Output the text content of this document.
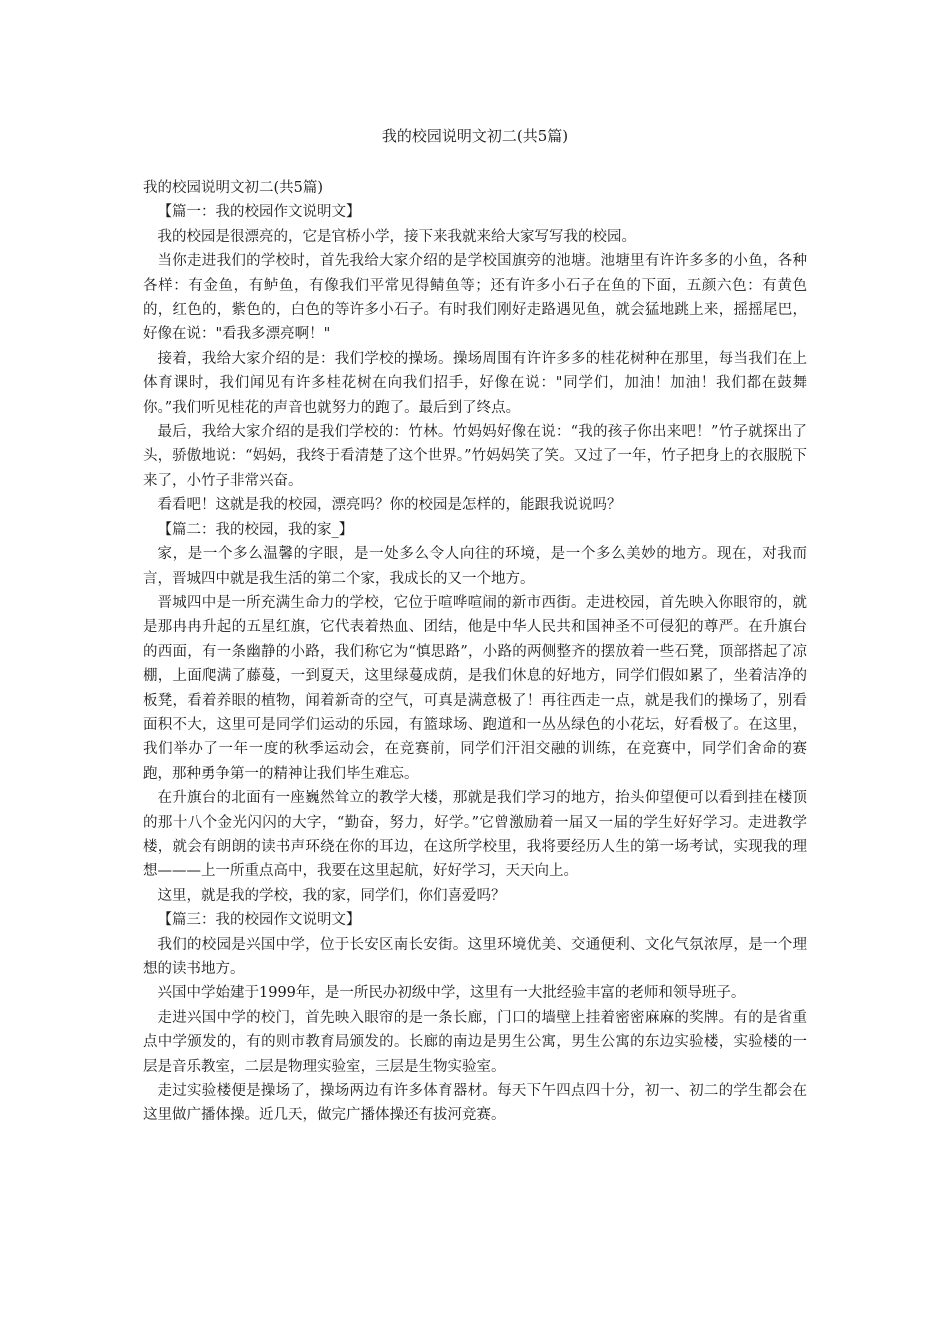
我的校园说明文初二(共5篇)

我的校园说明文初二(共5篇)

【篇一：我的校园作文说明文】

我的校园是很漂亮的，它是官桥小学，接下来我就来给大家写写我的校园。

当你走进我们的学校时，首先我给大家介绍的是学校国旗旁的池塘。池塘里有许许多多的小鱼，各种各样：有金鱼，有鲈鱼，有像我们平常见得鲭鱼等；还有许多小石子在鱼的下面，五颜六色：有黄色的，红色的，紫色的，白色的等许多小石子。有时我们刚好走路遇见鱼，就会猛地跳上来，摇摇尾巴，好像在说："看我多漂亮啊！"

接着，我给大家介绍的是：我们学校的操场。操场周围有许许多多的桂花树种在那里，每当我们在上体育课时，我们闻见有许多桂花树在向我们招手，好像在说："同学们，加油！加油！我们都在鼓舞你。”我们听见桂花的声音也就努力的跑了。最后到了终点。

最后，我给大家介绍的是我们学校的：竹林。竹妈妈好像在说：“我的孩子你出来吧！”竹子就探出了头，骄傲地说：“妈妈，我终于看清楚了这个世界。”竹妈妈笑了笑。又过了一年，竹子把身上的衣服脱下来了，小竹子非常兴奋。

看看吧！这就是我的校园，漂亮吗？你的校园是怎样的，能跟我说说吗？

【篇二：我的校园，我的家_】

家，是一个多么温馨的字眼，是一处多么令人向往的环境，是一个多么美妙的地方。现在，对我而言，晋城四中就是我生活的第二个家，我成长的又一个地方。

晋城四中是一所充满生命力的学校，它位于喧哗喧闹的新市西街。走进校园，首先映入你眼帘的，就是那冉冉升起的五星红旗，它代表着热血、团结，他是中华人民共和国神圣不可侵犯的尊严。在升旗台的西面，有一条幽静的小路，我们称它为“慎思路”，小路的两侧整齐的摆放着一些石凳，顶部搭起了凉棚，上面爬满了藤蔓，一到夏天，这里绿蔓成荫，是我们休息的好地方，同学们假如累了，坐着洁净的板凳，看着养眼的植物，闻着新奇的空气，可真是满意极了！再往西走一点，就是我们的操场了，别看面积不大，这里可是同学们运动的乐园，有篮球场、跑道和一丛丛绿色的小花坛，好看极了。在这里，我们举办了一年一度的秋季运动会，在竞赛前，同学们汗泪交融的训练，在竞赛中，同学们舍命的赛跑，那种勇争第一的精神让我们毕生难忘。

在升旗台的北面有一座巍然耸立的教学大楼，那就是我们学习的地方，抬头仰望便可以看到挂在楼顶的那十八个金光闪闪的大字，“勤奋，努力，好学。”它曾激励着一届又一届的学生好好学习。走进教学楼，就会有朗朗的读书声环绕在你的耳边，在这所学校里，我将要经历人生的第一场考试，实现我的理想———上一所重点高中，我要在这里起航，好好学习，天天向上。

这里，就是我的学校，我的家，同学们，你们喜爱吗？

【篇三：我的校园作文说明文】

我们的校园是兴国中学，位于长安区南长安街。这里环境优美、交通便利、文化气氛浓厚，是一个理想的读书地方。

兴国中学始建于1999年，是一所民办初级中学，这里有一大批经验丰富的老师和领导班子。

走进兴国中学的校门，首先映入眼帘的是一条长廊，门口的墙壁上挂着密密麻麻的奖牌。有的是省重点中学颁发的，有的则市教育局颁发的。长廊的南边是男生公寓，男生公寓的东边实验楼，实验楼的一层是音乐教室，二层是物理实验室，三层是生物实验室。

走过实验楼便是操场了，操场两边有许多体育器材。每天下午四点四十分，初一、初二的学生都会在这里做广播体操。近几天，做完广播体操还有拔河竞赛。
